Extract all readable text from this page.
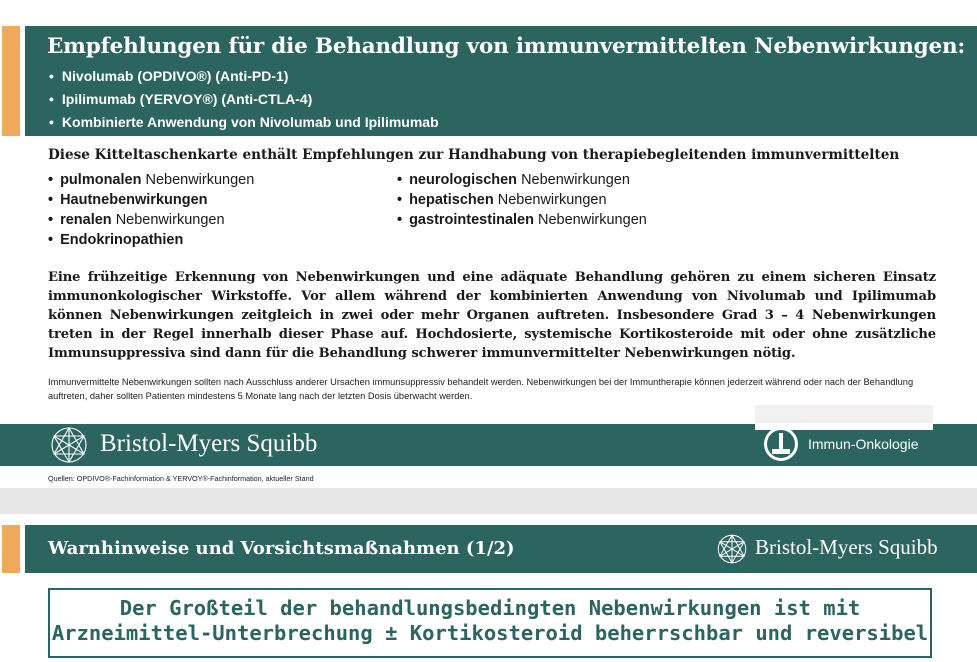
Empfehlungen für die Behandlung von immunvermittelten Nebenwirkungen:
• Nivolumab (OPDIVO®) (Anti-PD-1)
• Ipilimumab (YERVOY®) (Anti-CTLA-4)
• Kombinierte Anwendung von Nivolumab und Ipilimumab
Diese Kitteltaschenkarte enthält Empfehlungen zur Handhabung von therapiebegleitenden immunvermittelten
• pulmonalen Nebenwirkungen
• Hautnebenwirkungen
• renalen Nebenwirkungen
• Endokrinopathien
• neurologischen Nebenwirkungen
• hepatischen Nebenwirkungen
• gastrointestinalen Nebenwirkungen

Eine frühzeitige Erkennung von Nebenwirkungen und eine adäquate Behandlung gehören zu einem sicheren Einsatz immunonkologischer Wirkstoffe. Vor allem während der kombinierten Anwendung von Nivolumab und Ipilimumab können Nebenwirkungen zeitgleich in zwei oder mehr Organen auftreten. Insbesondere Grad 3 – 4 Nebenwirkungen treten in der Regel innerhalb dieser Phase auf. Hochdosierte, systemische Kortikosteroide mit oder ohne zusätzliche Immunsuppressiva sind dann für die Behandlung schwerer immunvermittelter Nebenwirkungen nötig.

Immunvermittelte Nebenwirkungen sollten nach Ausschluss anderer Ursachen immunsuppressiv behandelt werden. Nebenwirkungen bei der Immuntherapie können jederzeit während oder nach der Behandlung auftreten, daher sollten Patienten mindestens 5 Monate lang nach der letzten Dosis überwacht werden.

Bristol-Myers Squibb	Immun-Onkologie
Quellen: OPDIVO®-Fachinformation & YERVOY®-Fachinformation, aktueller Stand
Warnhinweise und Vorsichtsmaßnahmen (1/2)	Bristol-Myers Squibb
Der Großteil der behandlungsbedingten Nebenwirkungen ist mit
Arzneimittel-Unterbrechung ± Kortikosteroid beherrschbar und reversibel
